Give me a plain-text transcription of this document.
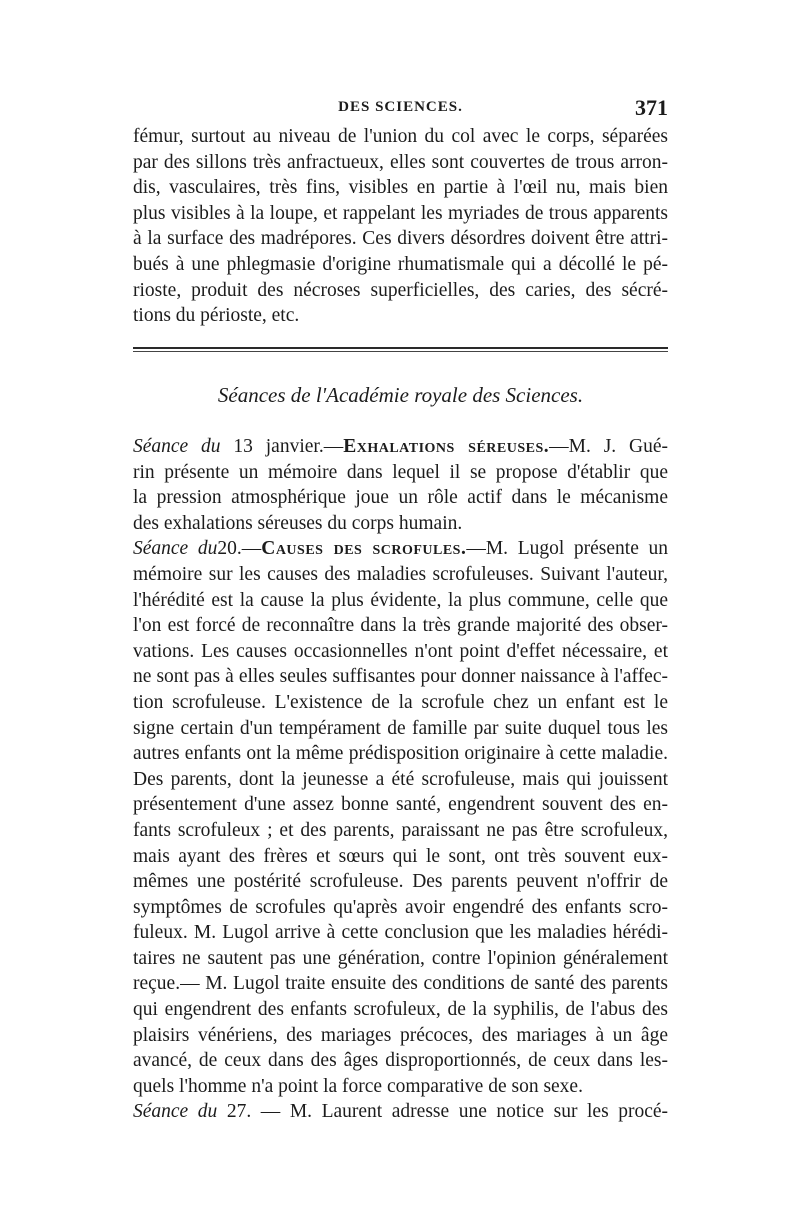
DES SCIENCES.	371
fémur, surtout au niveau de l'union du col avec le corps, séparées
par des sillons très anfractueux, elles sont couvertes de trous arron-
dis, vasculaires, très fins, visibles en partie à l'œil nu, mais bien
plus visibles à la loupe, et rappelant les myriades de trous apparents
à la surface des madrépores. Ces divers désordres doivent être attri-
bués à une phlegmasie d'origine rhumatismale qui a décollé le pé-
rioste, produit des nécroses superficielles, des caries, des sécré-
tions du périoste, etc.
Séances de l'Académie royale des Sciences.
Séance du 13 janvier.—Exhalations séreuses.—M. J. Gué-
rin présente un mémoire dans lequel il se propose d'établir que
la pression atmosphérique joue un rôle actif dans le mécanisme
des exhalations séreuses du corps humain.
Séance du20.—Causes des scrofules.—M. Lugol présente un
mémoire sur les causes des maladies scrofuleuses. Suivant l'auteur,
l'hérédité est la cause la plus évidente, la plus commune, celle que
l'on est forcé de reconnaître dans la très grande majorité des obser-
vations. Les causes occasionnelles n'ont point d'effet nécessaire, et
ne sont pas à elles seules suffisantes pour donner naissance à l'affec-
tion scrofuleuse. L'existence de la scrofule chez un enfant est le
signe certain d'un tempérament de famille par suite duquel tous les
autres enfants ont la même prédisposition originaire à cette maladie.
Des parents, dont la jeunesse a été scrofuleuse, mais qui jouissent
présentement d'une assez bonne santé, engendrent souvent des en-
fants scrofuleux ; et des parents, paraissant ne pas être scrofuleux,
mais ayant des frères et sœurs qui le sont, ont très souvent eux-
mêmes une postérité scrofuleuse. Des parents peuvent n'offrir de
symptômes de scrofules qu'après avoir engendré des enfants scro-
fuleux. M. Lugol arrive à cette conclusion que les maladies hérédi-
taires ne sautent pas une génération, contre l'opinion généralement
reçue.— M. Lugol traite ensuite des conditions de santé des parents
qui engendrent des enfants scrofuleux, de la syphilis, de l'abus des
plaisirs vénériens, des mariages précoces, des mariages à un âge
avancé, de ceux dans des âges disproportionnés, de ceux dans les-
quels l'homme n'a point la force comparative de son sexe.
Séance du 27. — M. Laurent adresse une notice sur les procé-
